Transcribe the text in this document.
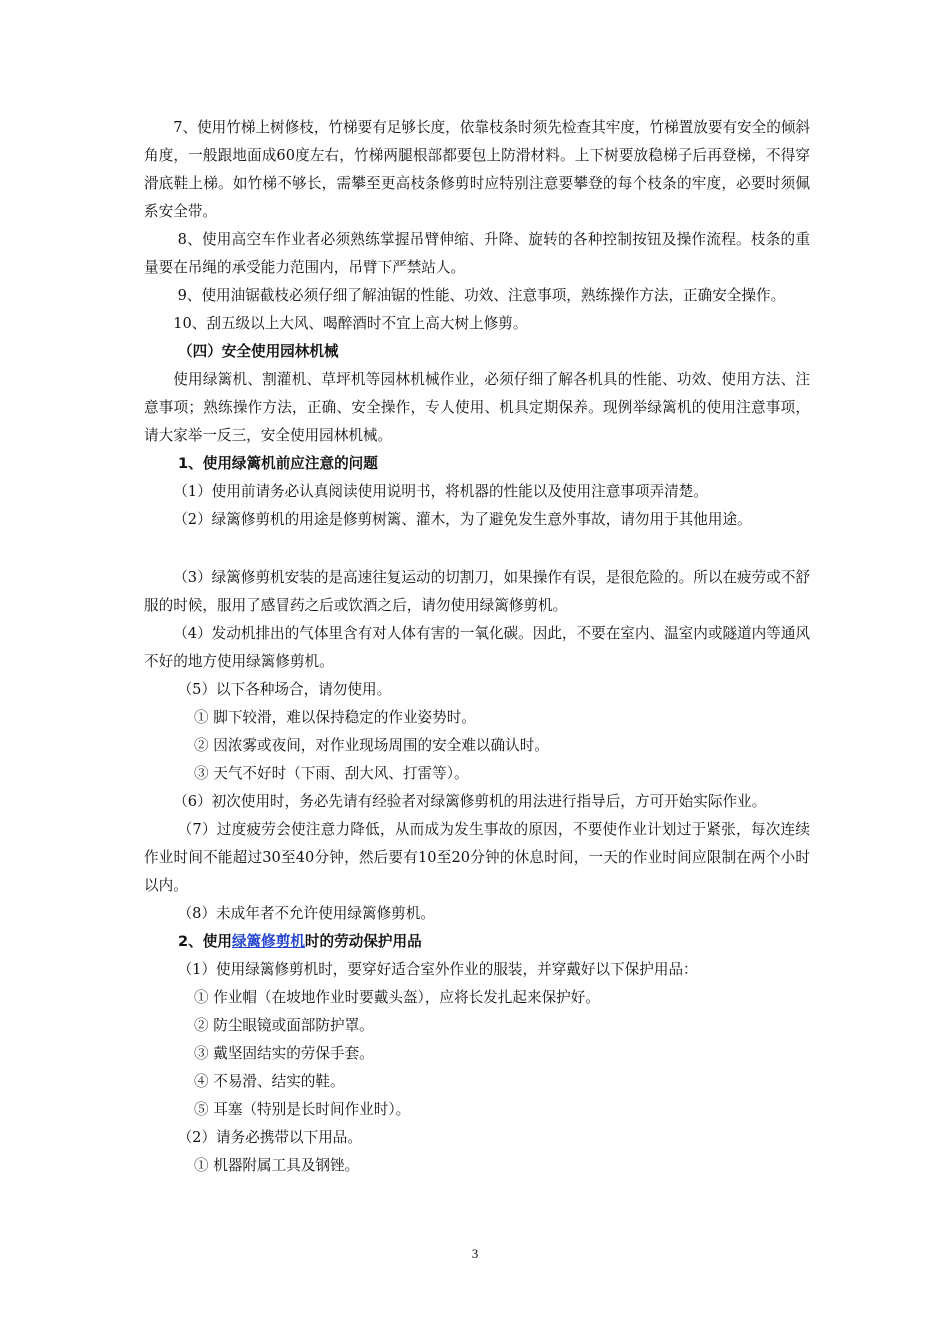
7、使用竹梯上树修枝，竹梯要有足够长度，依靠枝条时须先检查其牢度，竹梯置放要有安全的倾斜角度，一般跟地面成60度左右，竹梯两腿根部都要包上防滑材料。上下树要放稳梯子后再登梯，不得穿滑底鞋上梯。如竹梯不够长，需攀至更高枝条修剪时应特别注意要攀登的每个枝条的牢度，必要时须佩系安全带。

8、使用高空车作业者必须熟练掌握吊臂伸缩、升降、旋转的各种控制按钮及操作流程。枝条的重量要在吊绳的承受能力范围内，吊臂下严禁站人。

9、使用油锯截枝必须仔细了解油锯的性能、功效、注意事项，熟练操作方法，正确安全操作。

10、刮五级以上大风、喝醉酒时不宜上高大树上修剪。

（四）安全使用园林机械

使用绿篱机、割灌机、草坪机等园林机械作业，必须仔细了解各机具的性能、功效、使用方法、注意事项；熟练操作方法，正确、安全操作，专人使用、机具定期保养。现例举绿篱机的使用注意事项，请大家举一反三，安全使用园林机械。

1、使用绿篱机前应注意的问题

（1）使用前请务必认真阅读使用说明书，将机器的性能以及使用注意事项弄清楚。

（2）绿篱修剪机的用途是修剪树篱、灌木，为了避免发生意外事故，请勿用于其他用途。

（3）绿篱修剪机安装的是高速往复运动的切割刀，如果操作有误，是很危险的。所以在疲劳或不舒服的时候，服用了感冒药之后或饮酒之后，请勿使用绿篱修剪机。

（4）发动机排出的气体里含有对人体有害的一氧化碳。因此，不要在室内、温室内或隧道内等通风不好的地方使用绿篱修剪机。

（5）以下各种场合，请勿使用。

① 脚下较滑，难以保持稳定的作业姿势时。

② 因浓雾或夜间，对作业现场周围的安全难以确认时。

③ 天气不好时（下雨、刮大风、打雷等）。

（6）初次使用时，务必先请有经验者对绿篱修剪机的用法进行指导后，方可开始实际作业。

（7）过度疲劳会使注意力降低，从而成为发生事故的原因，不要使作业计划过于紧张，每次连续作业时间不能超过30至40分钟，然后要有10至20分钟的休息时间，一天的作业时间应限制在两个小时以内。

（8）未成年者不允许使用绿篱修剪机。

2、使用绿篱修剪机时的劳动保护用品

（1）使用绿篱修剪机时，要穿好适合室外作业的服装，并穿戴好以下保护用品：

① 作业帽（在坡地作业时要戴头盔），应将长发扎起来保护好。

② 防尘眼镜或面部防护罩。

③ 戴坚固结实的劳保手套。

④ 不易滑、结实的鞋。

⑤ 耳塞（特别是长时间作业时）。

（2）请务必携带以下用品。

① 机器附属工具及钢锉。

3
